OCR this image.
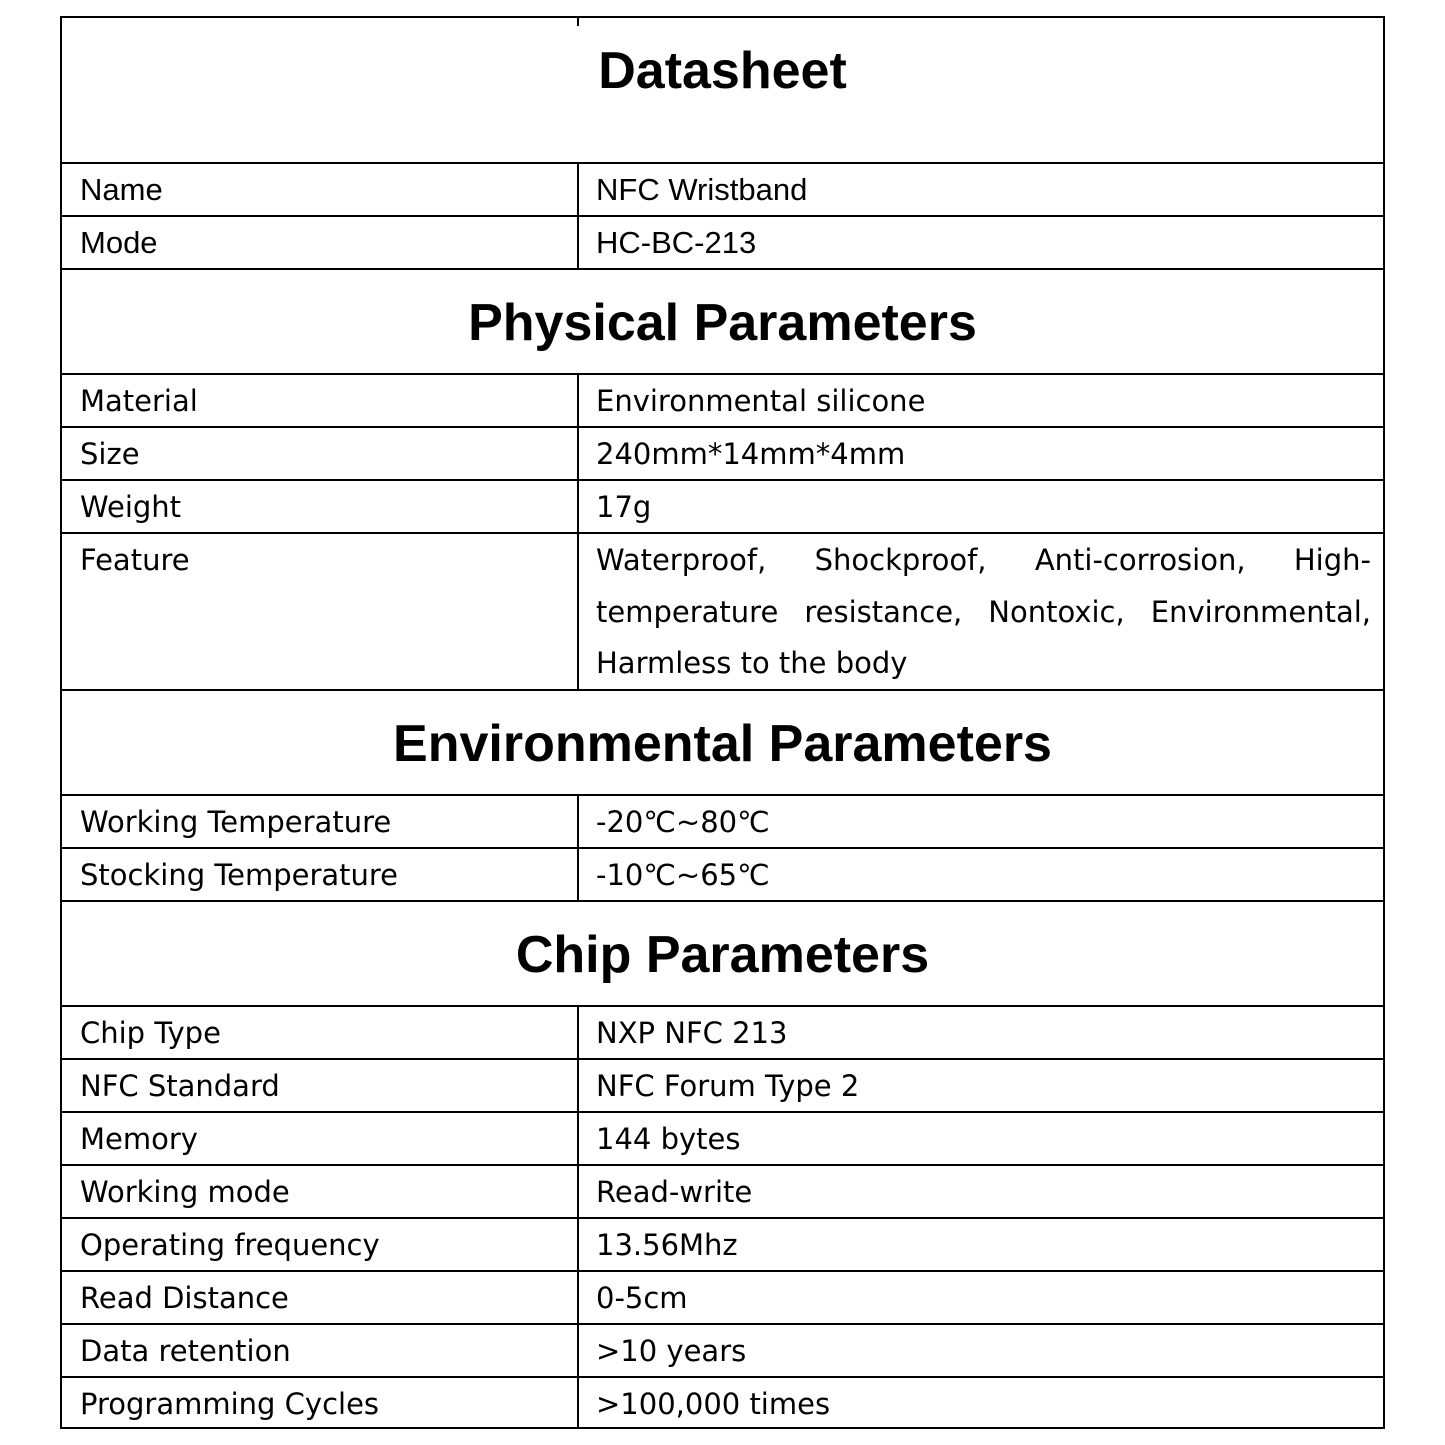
Datasheet
Name	NFC Wristband
Mode	HC-BC-213
Physical Parameters
Material	Environmental silicone
Size	240mm*14mm*4mm
Weight	17g
Feature	Waterproof, Shockproof, Anti-corrosion, High-temperature resistance, Nontoxic, Environmental, Harmless to the body
Environmental Parameters
Working Temperature	-20℃~80℃
Stocking Temperature	-10℃~65℃
Chip Parameters
Chip Type	NXP NFC 213
NFC Standard	NFC Forum Type 2
Memory	144 bytes
Working mode	Read-write
Operating frequency	13.56Mhz
Read Distance	0-5cm
Data retention	>10 years
Programming Cycles	>100,000 times
